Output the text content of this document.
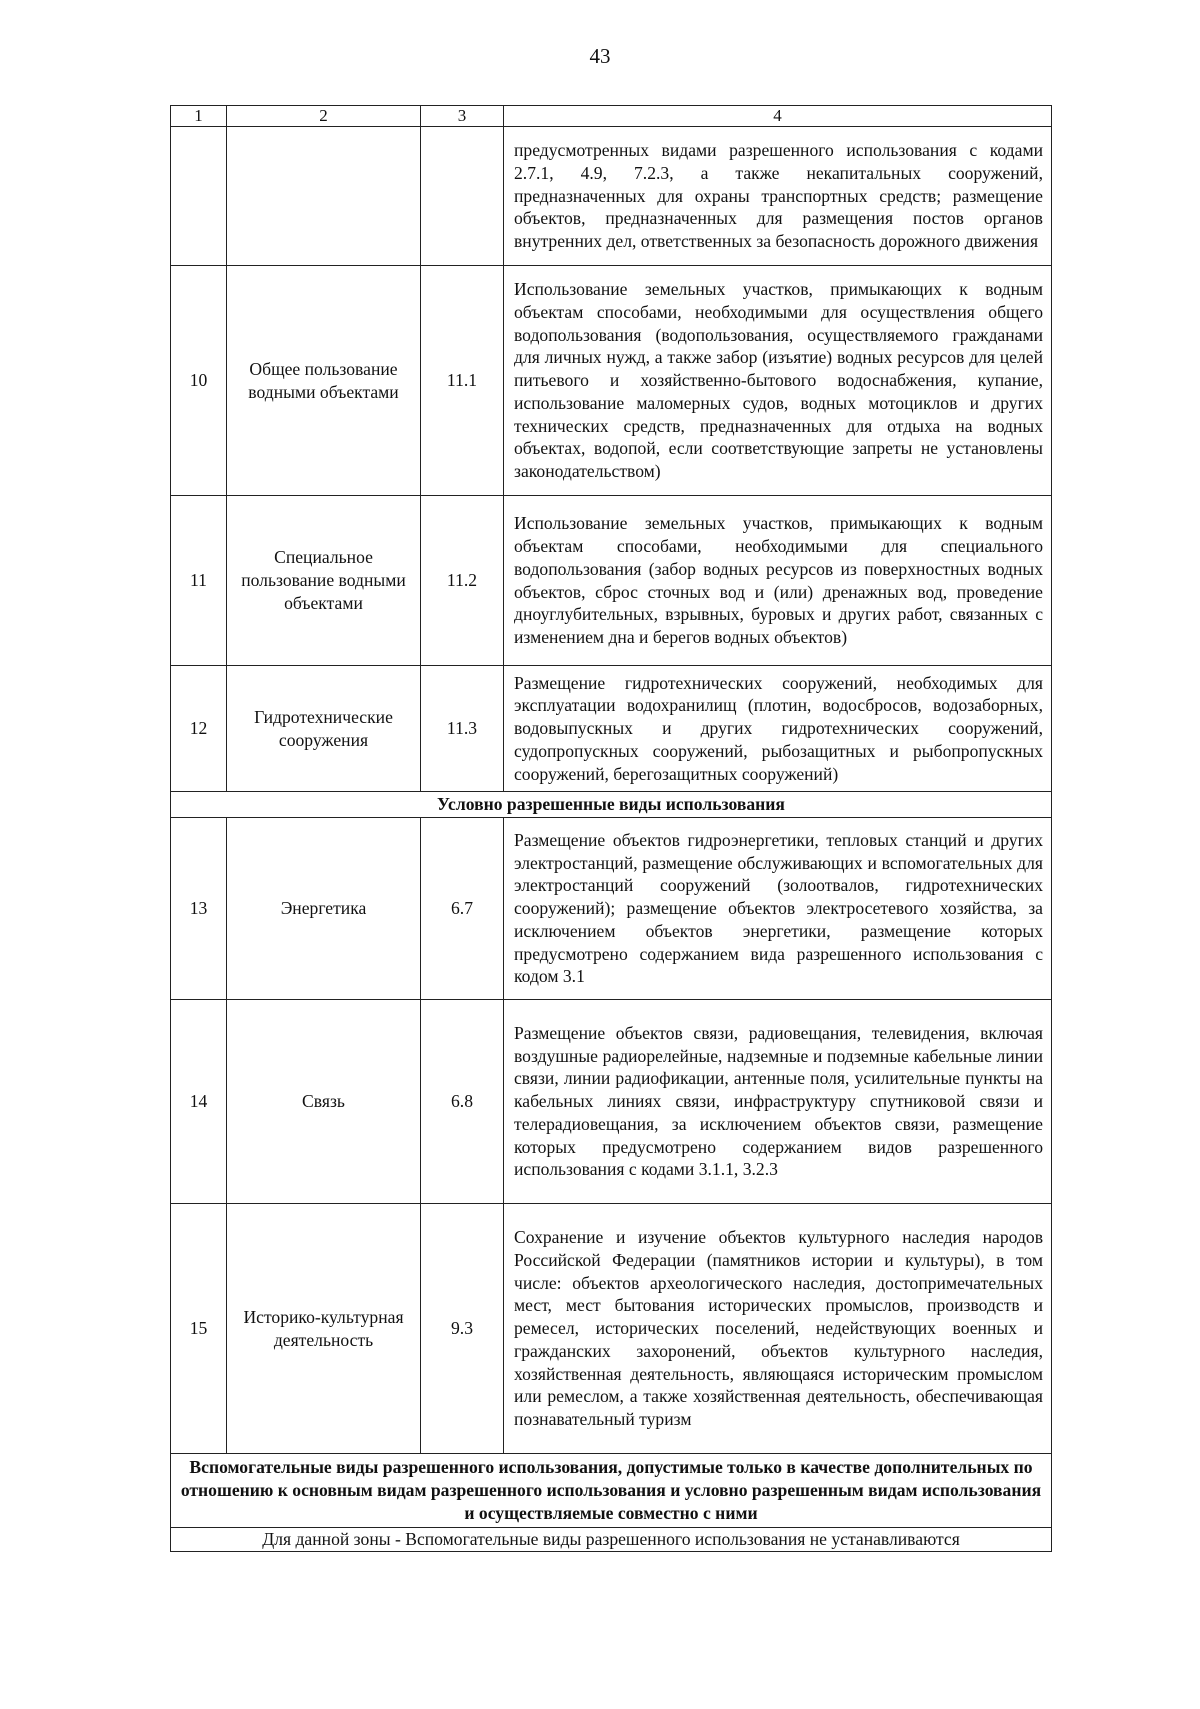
43
1	2	3	4
			предусмотренных видами разрешенного использования с кодами 2.7.1, 4.9, 7.2.3, а также некапитальных сооружений, предназначенных для охраны транспортных средств; размещение объектов, предназначенных для размещения постов органов внутренних дел, ответственных за безопасность дорожного движения
10	Общее пользование водными объектами	11.1	Использование земельных участков, примыкающих к водным объектам способами, необходимыми для осуществления общего водопользования (водопользования, осуществляемого гражданами для личных нужд, а также забор (изъятие) водных ресурсов для целей питьевого и хозяйственно-бытового водоснабжения, купание, использование маломерных судов, водных мотоциклов и других технических средств, предназначенных для отдыха на водных объектах, водопой, если соответствующие запреты не установлены законодательством)
11	Специальное пользование водными объектами	11.2	Использование земельных участков, примыкающих к водным объектам способами, необходимыми для специального водопользования (забор водных ресурсов из поверхностных водных объектов, сброс сточных вод и (или) дренажных вод, проведение дноуглубительных, взрывных, буровых и других работ, связанных с изменением дна и берегов водных объектов)
12	Гидротехнические сооружения	11.3	Размещение гидротехнических сооружений, необходимых для эксплуатации водохранилищ (плотин, водосбросов, водозаборных, водовыпускных и других гидротехнических сооружений, судопропускных сооружений, рыбозащитных и рыбопропускных сооружений, берегозащитных сооружений)
Условно разрешенные виды использования			
13	Энергетика	6.7	Размещение объектов гидроэнергетики, тепловых станций и других электростанций, размещение обслуживающих и вспомогательных для электростанций сооружений (золоотвалов, гидротехнических сооружений); размещение объектов электросетевого хозяйства, за исключением объектов энергетики, размещение которых предусмотрено содержанием вида разрешенного использования с кодом 3.1
14	Связь	6.8	Размещение объектов связи, радиовещания, телевидения, включая воздушные радиорелейные, надземные и подземные кабельные линии связи, линии радиофикации, антенные поля, усилительные пункты на кабельных линиях связи, инфраструктуру спутниковой связи и телерадиовещания, за исключением объектов связи, размещение которых предусмотрено содержанием видов разрешенного использования с кодами 3.1.1, 3.2.3
15	Историко-культурная деятельность	9.3	Сохранение и изучение объектов культурного наследия народов Российской Федерации (памятников истории и культуры), в том числе: объектов археологического наследия, достопримечательных мест, мест бытования исторических промыслов, производств и ремесел, исторических поселений, недействующих военных и гражданских захоронений, объектов культурного наследия, хозяйственная деятельность, являющаяся историческим промыслом или ремеслом, а также хозяйственная деятельность, обеспечивающая познавательный туризм
Вспомогательные виды разрешенного использования, допустимые только в качестве дополнительных по отношению к основным видам разрешенного использования и условно разрешенным видам использования и осуществляемые совместно с ними			
Для данной зоны - Вспомогательные виды разрешенного использования не устанавливаются			
